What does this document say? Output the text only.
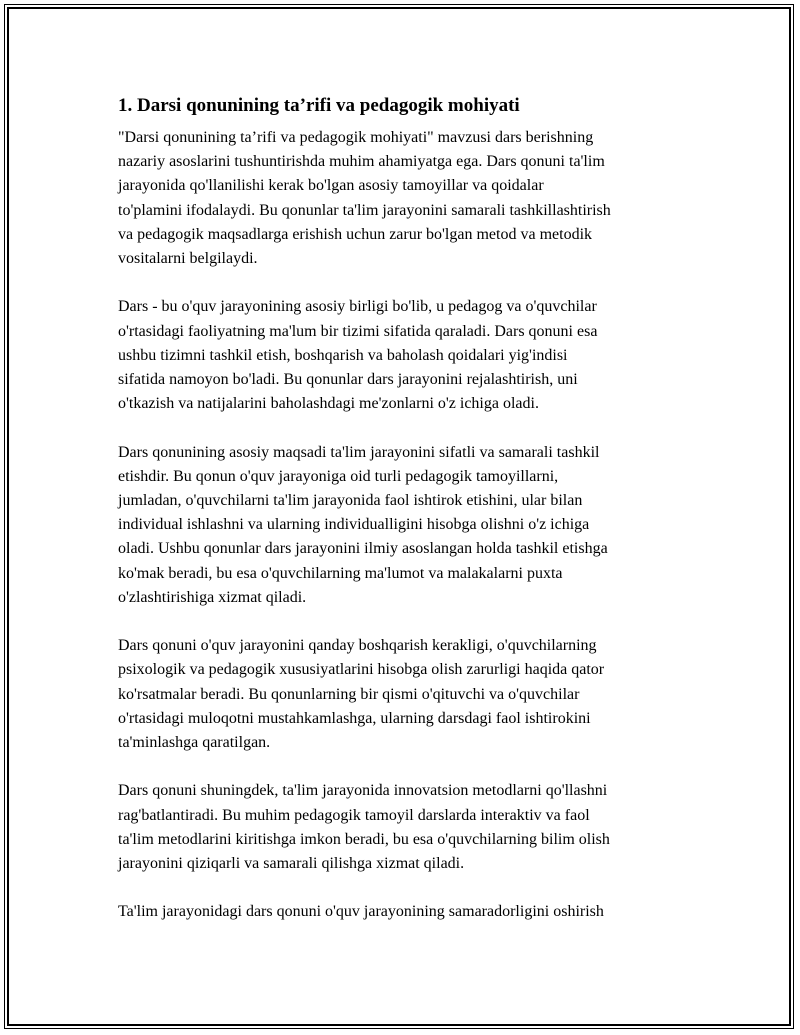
1. Darsi qonunining ta’rifi va pedagogik mohiyati

"Darsi qonunining ta’rifi va pedagogik mohiyati" mavzusi dars berishning
nazariy asoslarini tushuntirishda muhim ahamiyatga ega. Dars qonuni ta'lim
jarayonida qo'llanilishi kerak bo'lgan asosiy tamoyillar va qoidalar
to'plamini ifodalaydi. Bu qonunlar ta'lim jarayonini samarali tashkillashtirish
va pedagogik maqsadlarga erishish uchun zarur bo'lgan metod va metodik
vositalarni belgilaydi.

Dars - bu o'quv jarayonining asosiy birligi bo'lib, u pedagog va o'quvchilar
o'rtasidagi faoliyatning ma'lum bir tizimi sifatida qaraladi. Dars qonuni esa
ushbu tizimni tashkil etish, boshqarish va baholash qoidalari yig'indisi
sifatida namoyon bo'ladi. Bu qonunlar dars jarayonini rejalashtirish, uni
o'tkazish va natijalarini baholashdagi me'zonlarni o'z ichiga oladi.

Dars qonunining asosiy maqsadi ta'lim jarayonini sifatli va samarali tashkil
etishdir. Bu qonun o'quv jarayoniga oid turli pedagogik tamoyillarni,
jumladan, o'quvchilarni ta'lim jarayonida faol ishtirok etishini, ular bilan
individual ishlashni va ularning individualligini hisobga olishni o'z ichiga
oladi. Ushbu qonunlar dars jarayonini ilmiy asoslangan holda tashkil etishga
ko'mak beradi, bu esa o'quvchilarning ma'lumot va malakalarni puxta
o'zlashtirishiga xizmat qiladi.

Dars qonuni o'quv jarayonini qanday boshqarish kerakligi, o'quvchilarning
psixologik va pedagogik xususiyatlarini hisobga olish zarurligi haqida qator
ko'rsatmalar beradi. Bu qonunlarning bir qismi o'qituvchi va o'quvchilar
o'rtasidagi muloqotni mustahkamlashga, ularning darsdagi faol ishtirokini
ta'minlashga qaratilgan.

Dars qonuni shuningdek, ta'lim jarayonida innovatsion metodlarni qo'llashni
rag'batlantiradi. Bu muhim pedagogik tamoyil darslarda interaktiv va faol
ta'lim metodlarini kiritishga imkon beradi, bu esa o'quvchilarning bilim olish
jarayonini qiziqarli va samarali qilishga xizmat qiladi.

Ta'lim jarayonidagi dars qonuni o'quv jarayonining samaradorligini oshirish
